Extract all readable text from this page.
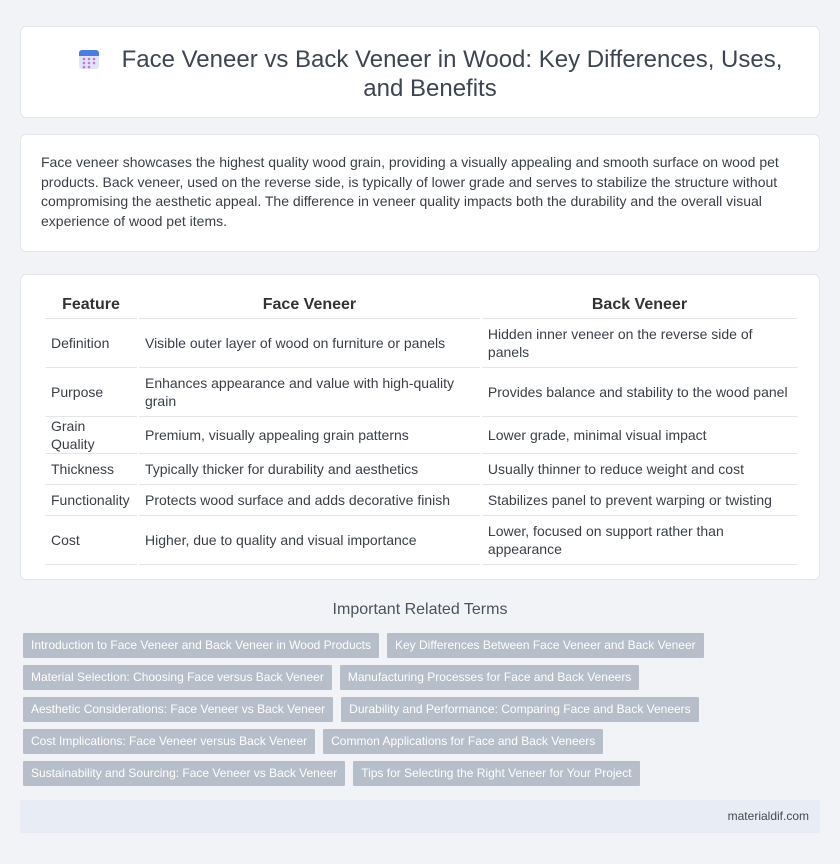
Face Veneer vs Back Veneer in Wood: Key Differences, Uses, and Benefits

Face veneer showcases the highest quality wood grain, providing a visually appealing and smooth surface on wood pet products. Back veneer, used on the reverse side, is typically of lower grade and serves to stabilize the structure without compromising the aesthetic appeal. The difference in veneer quality impacts both the durability and the overall visual experience of wood pet items.

Feature	Face Veneer	Back Veneer
Definition	Visible outer layer of wood on furniture or panels	Hidden inner veneer on the reverse side of panels
Purpose	Enhances appearance and value with high-quality grain	Provides balance and stability to the wood panel
Grain Quality	Premium, visually appealing grain patterns	Lower grade, minimal visual impact
Thickness	Typically thicker for durability and aesthetics	Usually thinner to reduce weight and cost
Functionality	Protects wood surface and adds decorative finish	Stabilizes panel to prevent warping or twisting
Cost	Higher, due to quality and visual importance	Lower, focused on support rather than appearance
Important Related Terms
Introduction to Face Veneer and Back Veneer in Wood Products	Key Differences Between Face Veneer and Back Veneer
Material Selection: Choosing Face versus Back Veneer	Manufacturing Processes for Face and Back Veneers
Aesthetic Considerations: Face Veneer vs Back Veneer	Durability and Performance: Comparing Face and Back Veneers
Cost Implications: Face Veneer versus Back Veneer	Common Applications for Face and Back Veneers
Sustainability and Sourcing: Face Veneer vs Back Veneer	Tips for Selecting the Right Veneer for Your Project
materialdif.com
